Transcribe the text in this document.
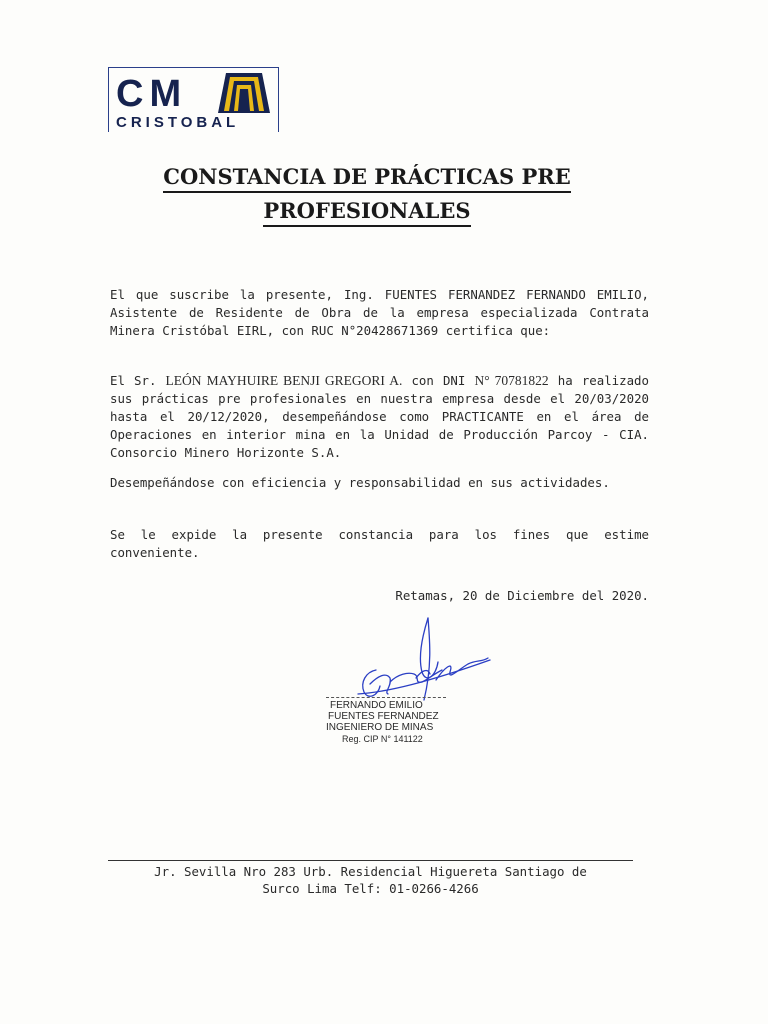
CM
CRISTOBAL
CONSTANCIA DE PRÁCTICAS PRE
PROFESIONALES
El que suscribe la presente, Ing. FUENTES FERNANDEZ FERNANDO EMILIO, Asistente de Residente de Obra de la empresa especializada Contrata Minera Cristóbal EIRL, con RUC N°20428671369 certifica que:
El Sr. LEÓN MAYHUIRE BENJI GREGORI A. con DNI N° 70781822 ha realizado sus prácticas pre profesionales en nuestra empresa desde el 20/03/2020 hasta el 20/12/2020, desempeñándose como PRACTICANTE en el área de Operaciones en interior mina en la Unidad de Producción Parcoy - CIA. Consorcio Minero Horizonte S.A.
Desempeñándose con eficiencia y responsabilidad en sus actividades.
Se le expide la presente constancia para los fines que estime conveniente.
Retamas, 20 de Diciembre del 2020.
FERNANDO EMILIO
FUENTES FERNANDEZ
INGENIERO DE MINAS
Reg. CIP N° 141122
Jr. Sevilla Nro 283 Urb. Residencial Higuereta Santiago de
Surco Lima Telf: 01-0266-4266
